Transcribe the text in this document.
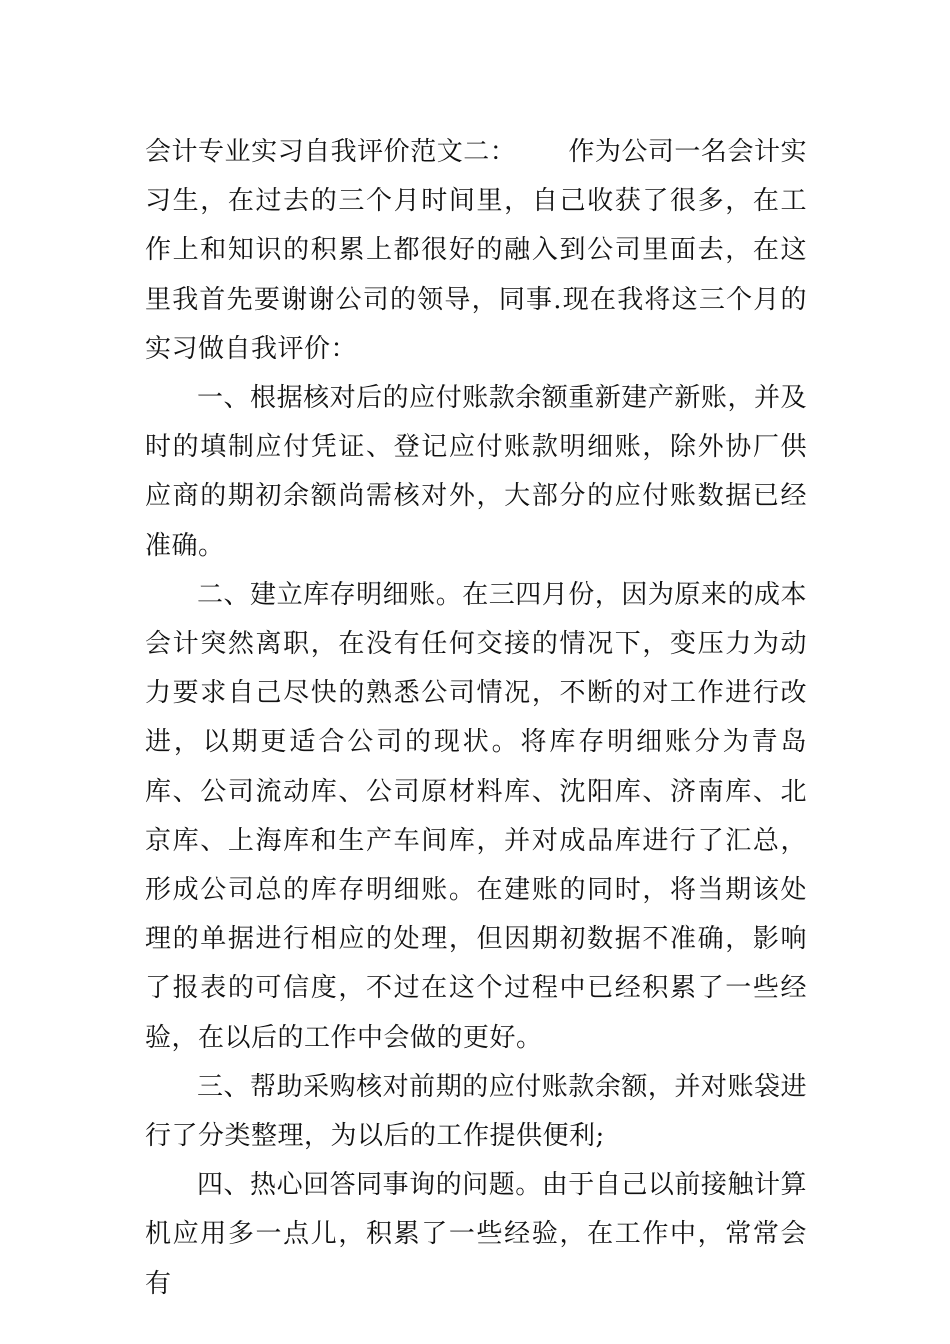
会计专业实习自我评价范文二： 作为公司一名会计实习生，在过去的三个月时间里，自己收获了很多，在工作上和知识的积累上都很好的融入到公司里面去，在这里我首先要谢谢公司的领导，同事.现在我将这三个月的实习做自我评价：

一、根据核对后的应付账款余额重新建产新账，并及时的填制应付凭证、登记应付账款明细账，除外协厂供应商的期初余额尚需核对外，大部分的应付账数据已经准确。

二、建立库存明细账。在三四月份，因为原来的成本会计突然离职，在没有任何交接的情况下，变压力为动力要求自己尽快的熟悉公司情况，不断的对工作进行改进，以期更适合公司的现状。将库存明细账分为青岛库、公司流动库、公司原材料库、沈阳库、济南库、北京库、上海库和生产车间库，并对成品库进行了汇总，形成公司总的库存明细账。在建账的同时，将当期该处理的单据进行相应的处理，但因期初数据不准确，影响了报表的可信度，不过在这个过程中已经积累了一些经验，在以后的工作中会做的更好。

三、帮助采购核对前期的应付账款余额，并对账袋进行了分类整理，为以后的工作提供便利;

四、热心回答同事询的问题。由于自己以前接触计算机应用多一点儿，积累了一些经验，在工作中，常常会有
